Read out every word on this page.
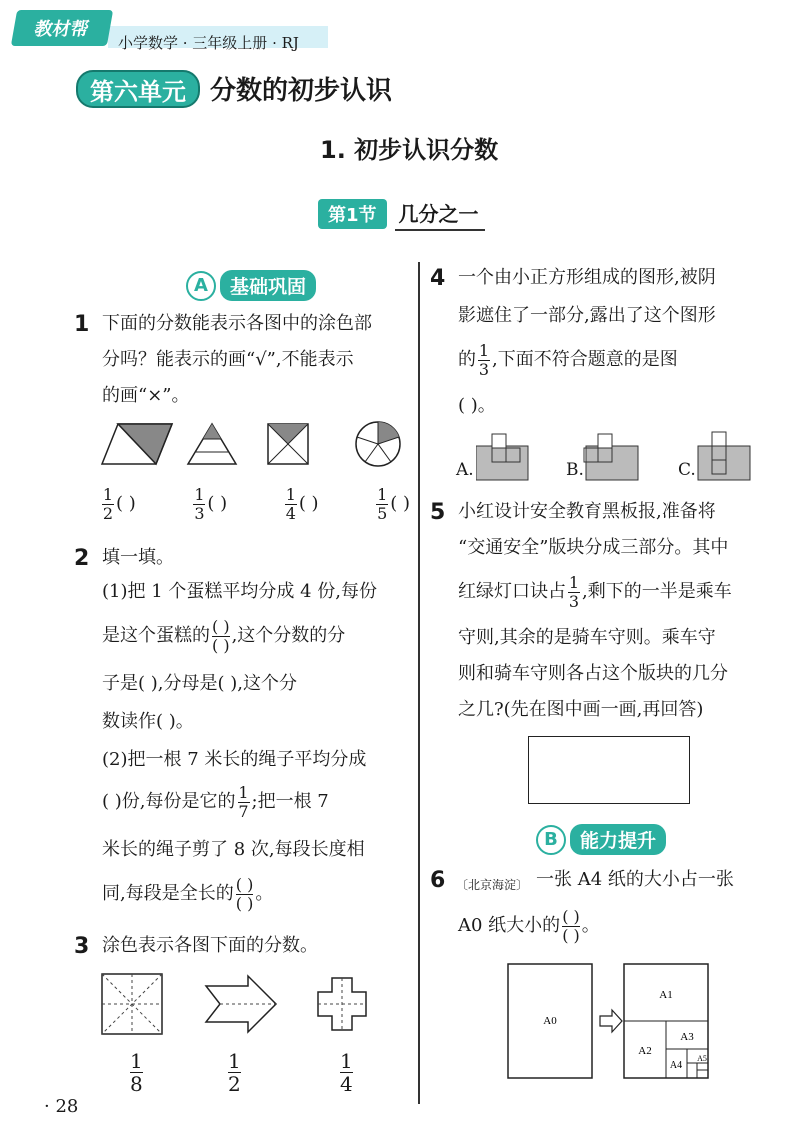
教材帮
小学数学 · 三年级上册 · RJ
第六单元 分数的初步认识
1. 初步认识分数
第1节 几分之一
A	基础巩固
1 下面的分数能表示各图中的涂色部
分吗？能表示的画“√”,不能表示
的画“×”。
$\frac{1}{2}$ ( )	$\frac{1}{3}$ ( )	$\frac{1}{4}$ ( )	$\frac{1}{5}$ ( )
2 填一填。
(1)把 1 个蛋糕平均分成 4 份,每份
是这个蛋糕的 $\frac{( )}{( )}$ ,这个分数的分
子是( ),分母是( ),这个分
数读作( )。
(2)把一根 7 米长的绳子平均分成
( )份,每份是它的 $\frac{1}{7}$ ;把一根 7
米长的绳子剪了 8 次,每段长度相
同,每段是全长的 $\frac{( )}{( )}$ 。
3 涂色表示各图下面的分数。
1
8
1
2
1
4
4 一个由小正方形组成的图形,被阴
影遮住了一部分,露出了这个图形
的 $\frac{1}{3}$ ,下面不符合题意的是图
( )。
A.	B.	C.
5 小红设计安全教育黑板报,准备将
“交通安全”版块分成三部分。其中
红绿灯口诀占 $\frac{1}{3}$ ,剩下的一半是乘车
守则,其余的是骑车守则。乘车守
则和骑车守则各占这个版块的几分
之几?(先在图中画一画,再回答)
B	能力提升
6 〔北京海淀〕 一张 A4 纸的大小占一张
A0 纸大小的 $\frac{( )}{( )}$ 。
A0
A1
A2
A3
A4
A5
· 28
